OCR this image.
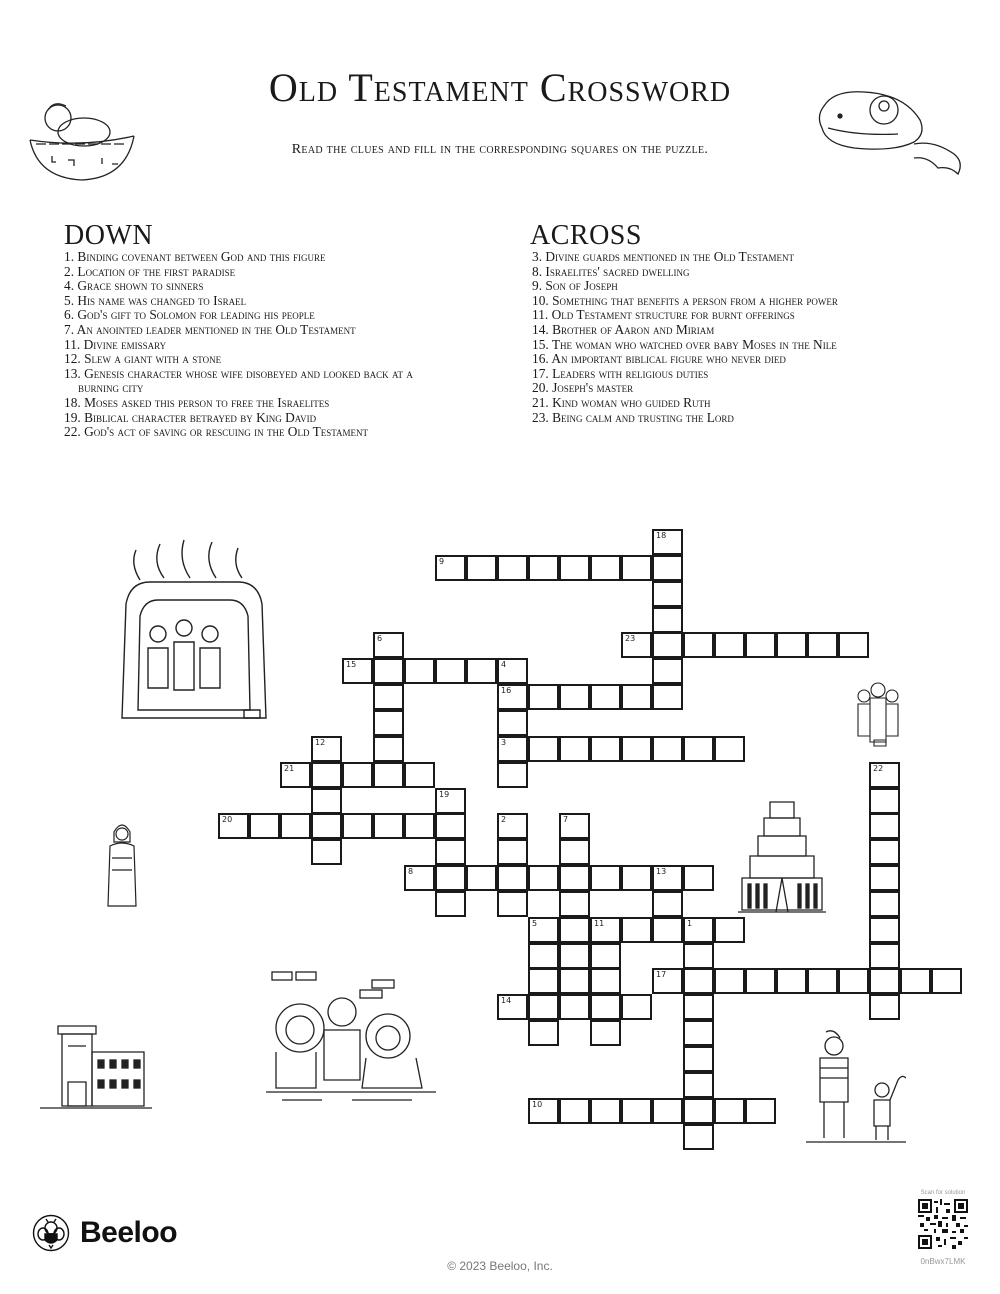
Old Testament Crossword
Read the clues and fill in the corresponding squares on the puzzle.
DOWN
1. Binding covenant between God and this figure
2. Location of the first paradise
4. Grace shown to sinners
5. His name was changed to Israel
6. God's gift to Solomon for leading his people
7. An anointed leader mentioned in the Old Testament
11. Divine emissary
12. Slew a giant with a stone
13. Genesis character whose wife disobeyed and looked back at a burning city
18. Moses asked this person to free the Israelites
19. Biblical character betrayed by King David
22. God's act of saving or rescuing in the Old Testament
ACROSS
3. Divine guards mentioned in the Old Testament
8. Israelites' sacred dwelling
9. Son of Joseph
10. Something that benefits a person from a higher power
11. Old Testament structure for burnt offerings
14. Brother of Aaron and Miriam
15. The woman who watched over baby Moses in the Nile
16. An important biblical figure who never died
17. Leaders with religious duties
20. Joseph's master
21. Kind woman who guided Ruth
23. Being calm and trusting the Lord
1
2
3
4
16
5
6
7
8	13
9
10
11
12
14
15
17
18
19
20
21	22
23
Beeloo
© 2023 Beeloo, Inc.
Scan for solution
0nBwx7LMK
